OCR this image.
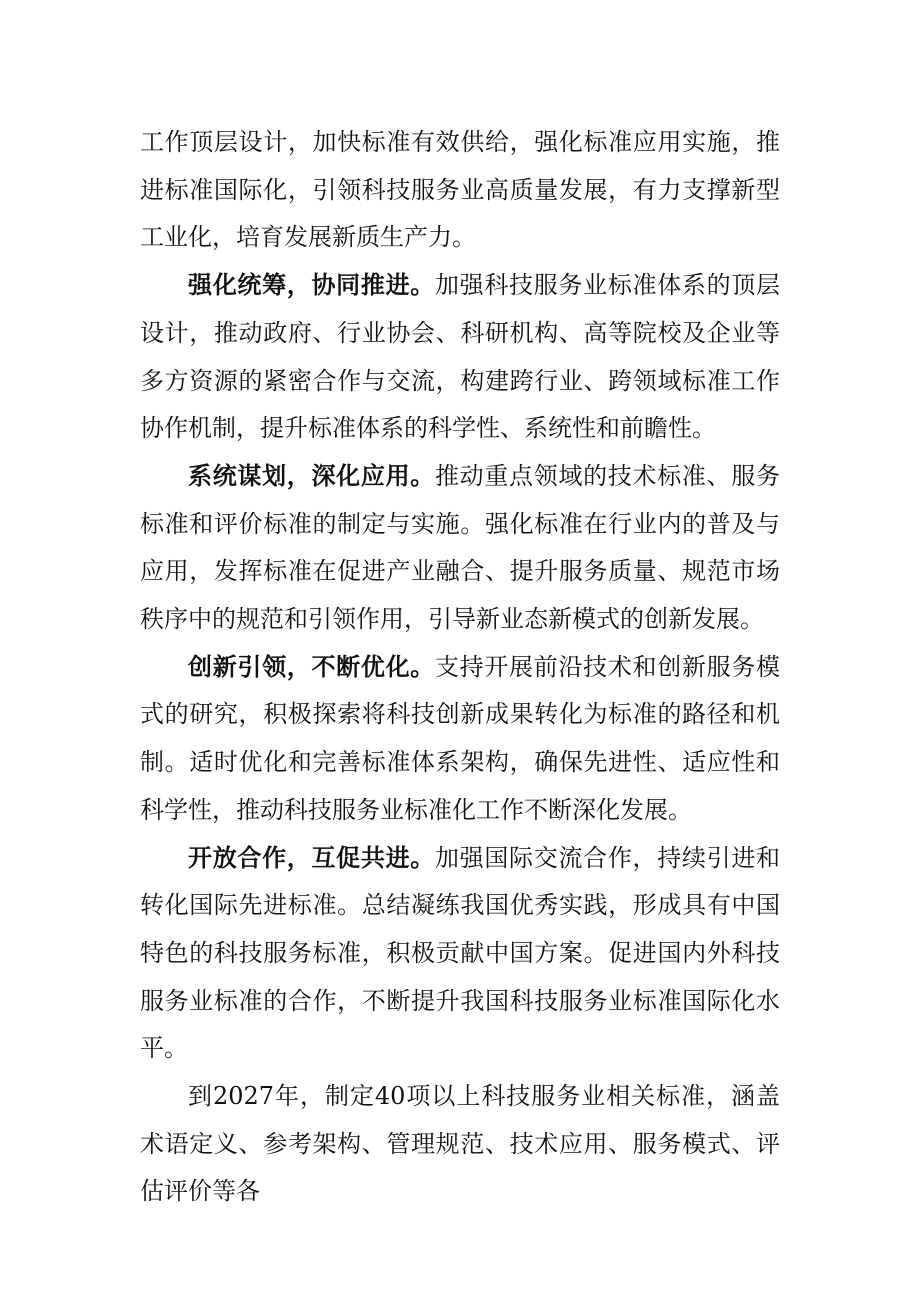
工作顶层设计，加快标准有效供给，强化标准应用实施，推进标准国际化，引领科技服务业高质量发展，有力支撑新型工业化，培育发展新质生产力。

强化统筹，协同推进。加强科技服务业标准体系的顶层设计，推动政府、行业协会、科研机构、高等院校及企业等多方资源的紧密合作与交流，构建跨行业、跨领域标准工作协作机制，提升标准体系的科学性、系统性和前瞻性。

系统谋划，深化应用。推动重点领域的技术标准、服务标准和评价标准的制定与实施。强化标准在行业内的普及与应用，发挥标准在促进产业融合、提升服务质量、规范市场秩序中的规范和引领作用，引导新业态新模式的创新发展。

创新引领，不断优化。支持开展前沿技术和创新服务模式的研究，积极探索将科技创新成果转化为标准的路径和机制。适时优化和完善标准体系架构，确保先进性、适应性和科学性，推动科技服务业标准化工作不断深化发展。

开放合作，互促共进。加强国际交流合作，持续引进和转化国际先进标准。总结凝练我国优秀实践，形成具有中国特色的科技服务标准，积极贡献中国方案。促进国内外科技服务业标准的合作，不断提升我国科技服务业标准国际化水平。

到2027年，制定40项以上科技服务业相关标准，涵盖术语定义、参考架构、管理规范、技术应用、服务模式、评估评价等各
